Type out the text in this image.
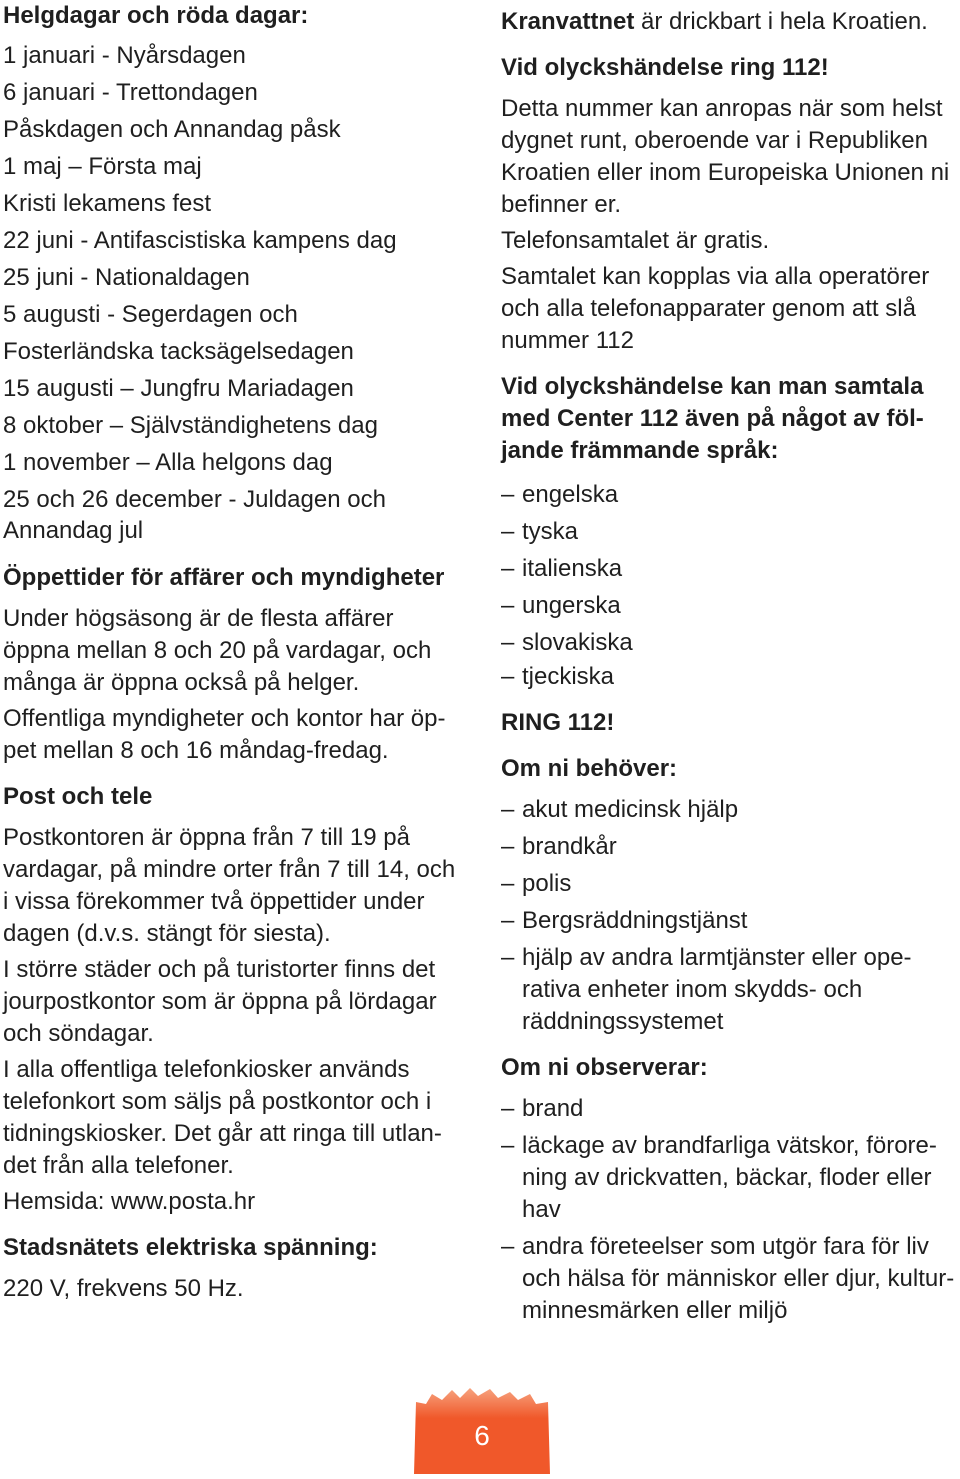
Helgdagar och röda dagar:
1 januari - Nyårsdagen
6 januari - Trettondagen
Påskdagen och Annandag påsk
1 maj – Första maj
Kristi lekamens fest
22 juni - Antifascistiska kampens dag
25 juni - Nationaldagen
5 augusti - Segerdagen och
Fosterländska tacksägelsedagen
15 augusti – Jungfru Mariadagen
8 oktober – Självständighetens dag
1 november – Alla helgons dag
25 och 26 december - Juldagen och
Annandag jul
Öppettider för affärer och myndigheter

Under högsäsong är de flesta affärer
öppna mellan 8 och 20 på vardagar, och
många är öppna också på helger.

Offentliga myndigheter och kontor har öp-
pet mellan 8 och 16 måndag-fredag.

Post och tele

Postkontoren är öppna från 7 till 19 på
vardagar, på mindre orter från 7 till 14, och
i vissa förekommer två öppettider under
dagen (d.v.s. stängt för siesta).

I större städer och på turistorter finns det
jourpostkontor som är öppna på lördagar
och söndagar.

I alla offentliga telefonkiosker används
telefonkort som säljs på postkontor och i
tidningskiosker. Det går att ringa till utlan-
det från alla telefoner.

Hemsida: www.posta.hr

Stadsnätets elektriska spänning:

220 V, frekvens 50 Hz.

Kranvattnet är drickbart i hela Kroatien.

Vid olyckshändelse ring 112!

Detta nummer kan anropas när som helst
dygnet runt, oberoende var i Republiken
Kroatien eller inom Europeiska Unionen ni
befinner er.

Telefonsamtalet är gratis.

Samtalet kan kopplas via alla operatörer
och alla telefonapparater genom att slå
nummer 112

Vid olyckshändelse kan man samtala
med Center 112 även på något av föl-
jande främmande språk:
– engelska
– tyska
– italienska
– ungerska
– slovakiska
– tjeckiska
RING 112!
Om ni behöver:
– akut medicinsk hjälp
– brandkår
– polis
– Bergsräddningstjänst
– hjälp av andra larmtjänster eller ope-
rativa enheter inom skydds- och
räddningssystemet
Om ni observerar:
– brand
– läckage av brandfarliga vätskor, förore-
ning av drickvatten, bäckar, floder eller
hav
– andra företeelser som utgör fara för liv
och hälsa för människor eller djur, kultur-
minnesmärken eller miljö
6
